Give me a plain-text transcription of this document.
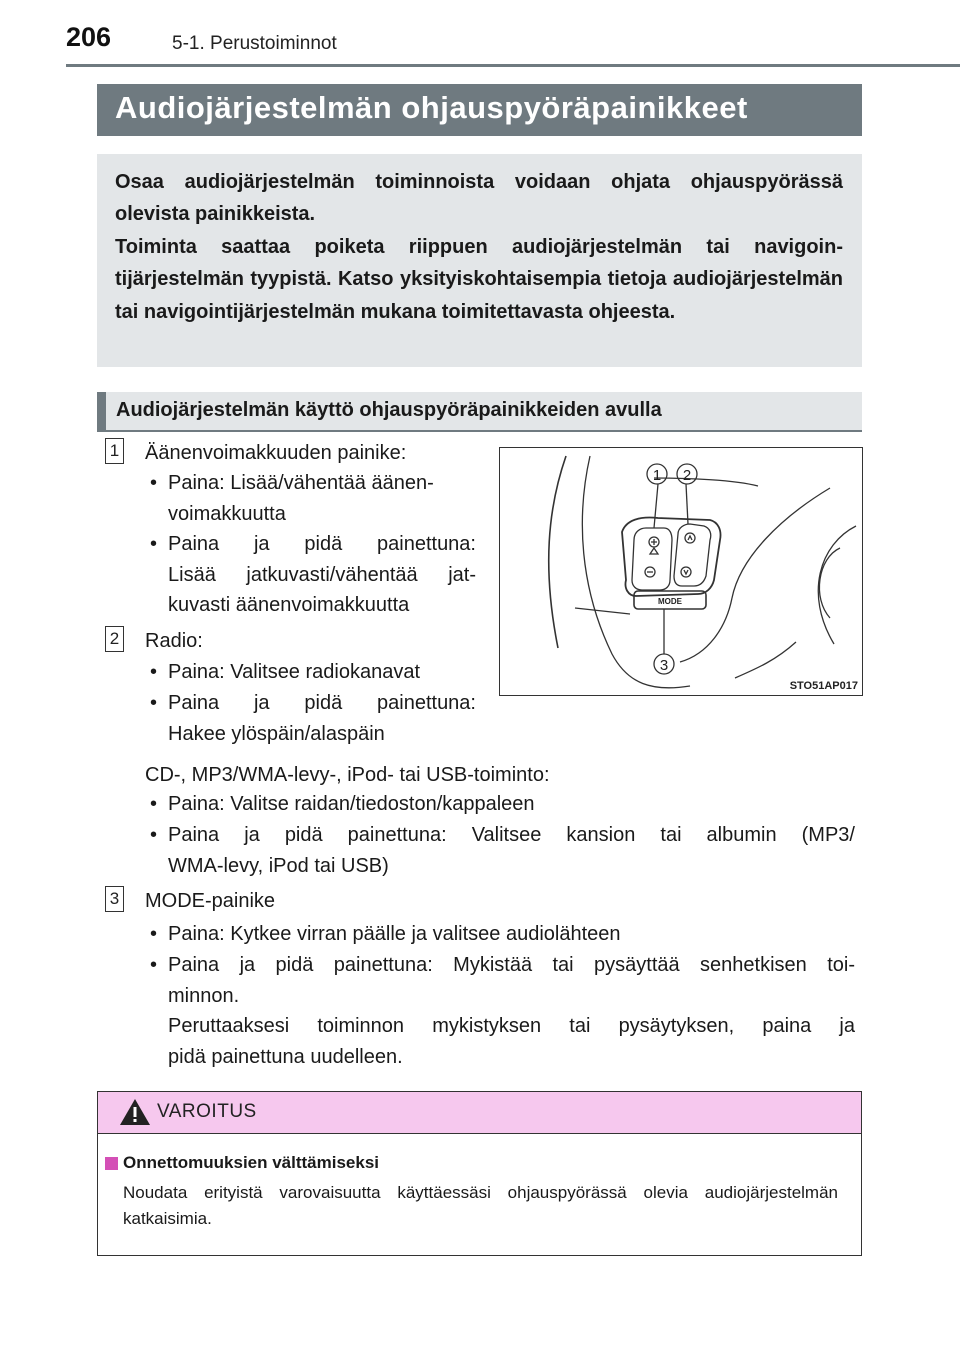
206	5-1. Perustoiminnot
Audiojärjestelmän ohjauspyöräpainikkeet

Osaa audiojärjestelmän toiminnoista voidaan ohjata ohjauspyörässä olevista painikkeista.

Toiminta saattaa poiketa riippuen audiojärjestelmän tai navigointijärjestelmän tyypistä. Katso yksityiskohtaisempia tietoja audiojärjestelmän tai navigointijärjestelmän mukana toimitettavasta ohjeesta.

Audiojärjestelmän käyttö ohjauspyöräpainikkeiden avulla
1 Äänenvoimakkuuden painike:
• Paina: Lisää/vähentää äänen-
voimakkuutta
• Paina ja pidä painettuna:
Lisää jatkuvasti/vähentää jat-
kuvasti äänenvoimakkuutta
2 Radio:
• Paina: Valitsee radiokanavat
• Paina ja pidä painettuna:
Hakee ylöspäin/alaspäin
CD-, MP3/WMA-levy-, iPod- tai USB-toiminto:
• Paina: Valitse raidan/tiedoston/kappaleen
• Paina ja pidä painettuna: Valitsee kansion tai albumin (MP3/
WMA-levy, iPod tai USB)
3 MODE-painike
• Paina: Kytkee virran päälle ja valitsee audiolähteen
• Paina ja pidä painettuna: Mykistää tai pysäyttää senhetkisen toi-
minnon.
Peruttaaksesi toiminnon mykistyksen tai pysäytyksen, paina ja
pidä painettuna uudelleen.
1 2
3
MODE
STO51AP017
VAROITUS
Onnettomuuksien välttämiseksi
Noudata erityistä varovaisuutta käyttäessäsi ohjauspyörässä olevia audiojärjestelmän katkaisimia.
